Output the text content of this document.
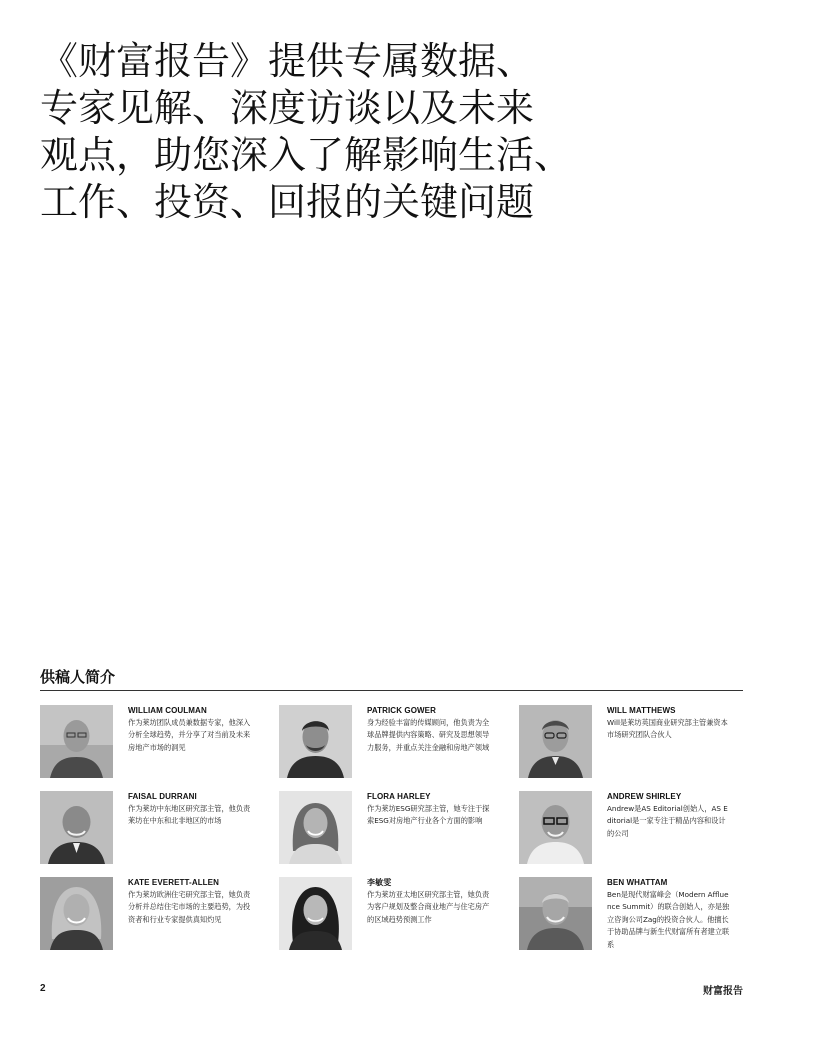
《财富报告》提供专属数据、
专家见解、深度访谈以及未来
观点，助您深入了解影响生活、
工作、投资、回报的关键问题
供稿人简介
WILLIAM COULMAN
作为莱坊团队成员兼数据专家，他深入分析全球趋势，并分享了对当前及未来房地产市场的洞见
PATRICK GOWER
身为经验丰富的传媒顾问，他负责为全球品牌提供内容策略、研究及思想领导力服务，并重点关注金融和房地产领域
WILL MATTHEWS
Will是莱坊英国商业研究部主管兼资本市场研究团队合伙人
FAISAL DURRANI
作为莱坊中东地区研究部主管，他负责莱坊在中东和北非地区的市场
FLORA HARLEY
作为莱坊ESG研究部主管，她专注于探索ESG对房地产行业各个方面的影响
ANDREW SHIRLEY
Andrew是AS Editorial创始人，AS Editorial是一家专注于精品内容和设计的公司
KATE EVERETT-ALLEN
作为莱坊欧洲住宅研究部主管，她负责分析并总结住宅市场的主要趋势，为投资者和行业专家提供真知灼见
李敏雯
作为莱坊亚太地区研究部主管，她负责为客户规划及整合商业地产与住宅房产的区域趋势预测工作
BEN WHATTAM
Ben是现代财富峰会（Modern Affluence Summit）的联合创始人，亦是独立咨询公司Zag的投资合伙人。他擅长于协助品牌与新生代财富所有者建立联系
2	财富报告
